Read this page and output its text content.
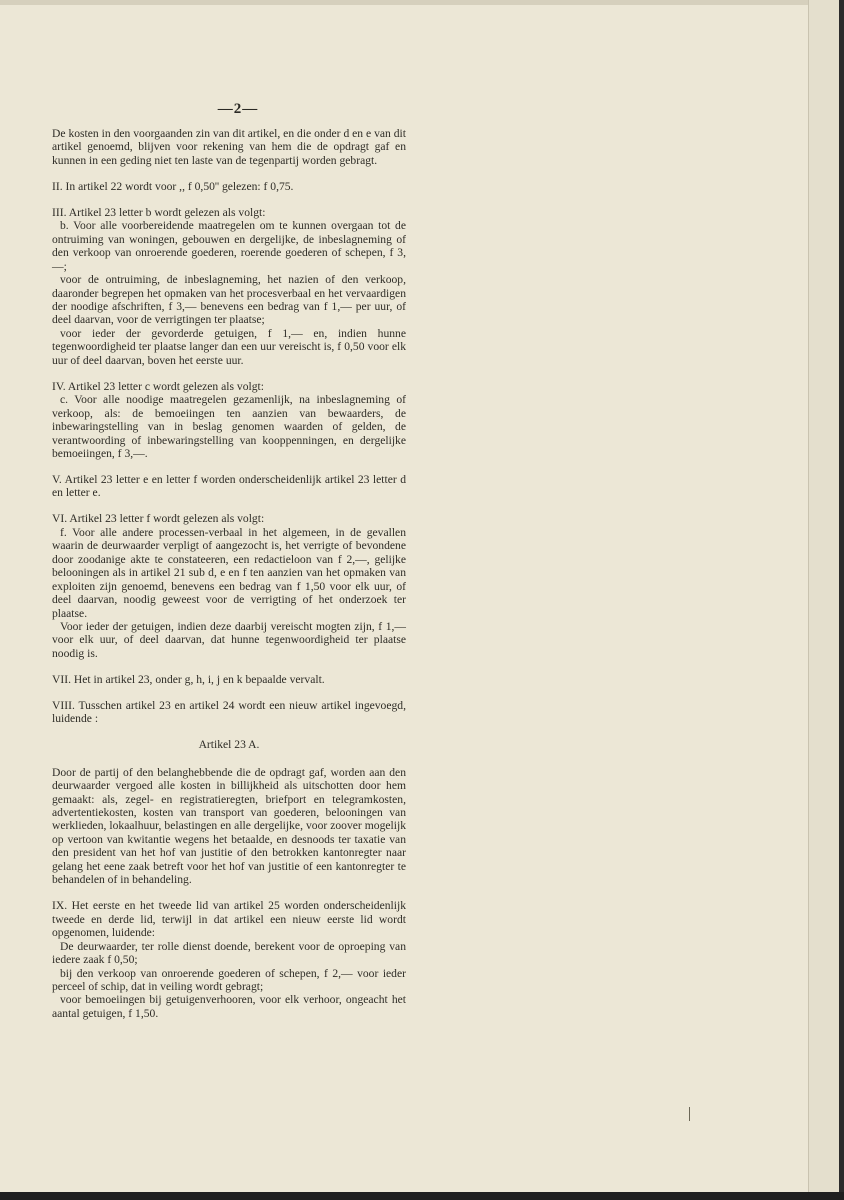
—2—

De kosten in den voorgaanden zin van dit artikel, en die onder d en e van dit artikel genoemd, blijven voor rekening van hem die de opdragt gaf en kunnen in een geding niet ten laste van de tegenpartij worden gebragt.

II. In artikel 22 wordt voor ,, f 0,50'' gelezen: f 0,75.

III. Artikel 23 letter b wordt gelezen als volgt:
b. Voor alle voorbereidende maatregelen om te kunnen overgaan tot de ontruiming van woningen, gebouwen en dergelijke, de inbeslagneming of den verkoop van onroerende goederen, roerende goederen of schepen, f 3,—;
voor de ontruiming, de inbeslagneming, het nazien of den verkoop, daaronder begrepen het opmaken van het procesverbaal en het vervaardigen der noodige afschriften, f 3,— benevens een bedrag van f 1,— per uur, of deel daarvan, voor de verrigtingen ter plaatse;
voor ieder der gevorderde getuigen, f 1,— en, indien hunne tegenwoordigheid ter plaatse langer dan een uur vereischt is, f 0,50 voor elk uur of deel daarvan, boven het eerste uur.

IV. Artikel 23 letter c wordt gelezen als volgt:
c. Voor alle noodige maatregelen gezamenlijk, na inbeslagneming of verkoop, als: de bemoeiingen ten aanzien van bewaarders, de inbewaringstelling van in beslag genomen waarden of gelden, de verantwoording of inbewaringstelling van kooppenningen, en dergelijke bemoeiingen, f 3,—.

V. Artikel 23 letter e en letter f worden onderscheidenlijk artikel 23 letter d en letter e.

VI. Artikel 23 letter f wordt gelezen als volgt:
f. Voor alle andere processen-verbaal in het algemeen, in de gevallen waarin de deurwaarder verpligt of aangezocht is, het verrigte of bevondene door zoodanige akte te constateeren, een redactieloon van f 2,—, gelijke belooningen als in artikel 21 sub d, e en f ten aanzien van het opmaken van exploiten zijn genoemd, benevens een bedrag van f 1,50 voor elk uur, of deel daarvan, noodig geweest voor de verrigting of het onderzoek ter plaatse.
Voor ieder der getuigen, indien deze daarbij vereischt mogten zijn, f 1,— voor elk uur, of deel daarvan, dat hunne tegenwoordigheid ter plaatse noodig is.

VII. Het in artikel 23, onder g, h, i, j en k bepaalde vervalt.

VIII. Tusschen artikel 23 en artikel 24 wordt een nieuw artikel ingevoegd, luidende :

Artikel 23 A.

Door de partij of den belanghebbende die de opdragt gaf, worden aan den deurwaarder vergoed alle kosten in billijkheid als uitschotten door hem gemaakt: als, zegel- en registratieregten, briefport en telegramkosten, advertentiekosten, kosten van transport van goederen, belooningen van werklieden, lokaalhuur, belastingen en alle dergelijke, voor zoover mogelijk op vertoon van kwitantie wegens het betaalde, en desnoods ter taxatie van den president van het hof van justitie of den betrokken kantonregter naar gelang het eene zaak betreft voor het hof van justitie of een kantonregter te behandelen of in behandeling.

IX. Het eerste en het tweede lid van artikel 25 worden onderscheidenlijk tweede en derde lid, terwijl in dat artikel een nieuw eerste lid wordt opgenomen, luidende:
De deurwaarder, ter rolle dienst doende, berekent voor de oproeping van iedere zaak f 0,50;
bij den verkoop van onroerende goederen of schepen, f 2,— voor ieder perceel of schip, dat in veiling wordt gebragt;
voor bemoeiingen bij getuigenverhooren, voor elk verhoor, ongeacht het aantal getuigen, f 1,50.
